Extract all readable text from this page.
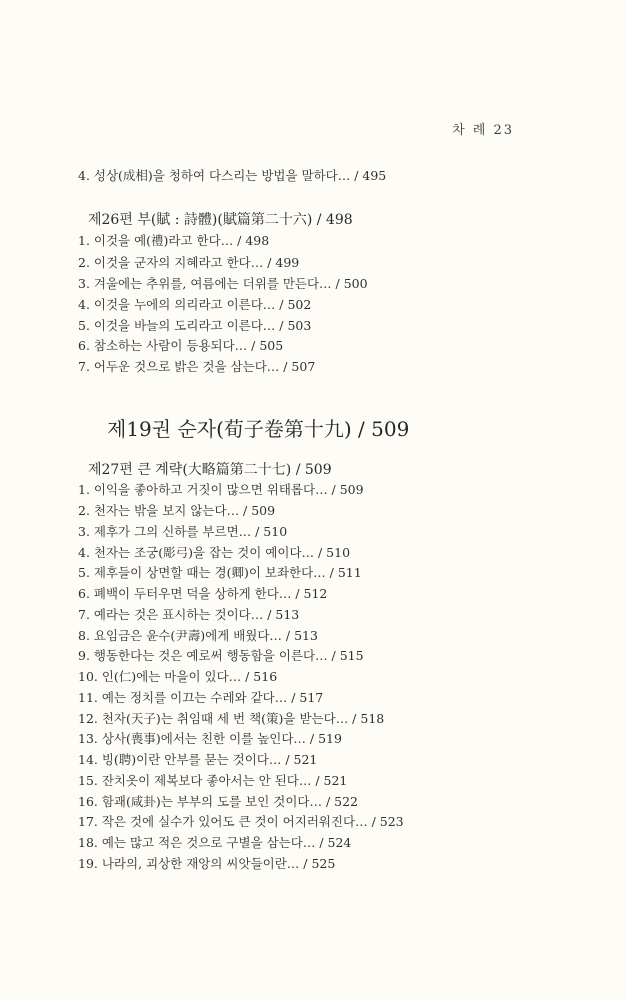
차 례 23
4. 성상(成相)을 청하여 다스리는 방법을 말하다… / 495
제26편 부(賦 : 詩體)(賦篇第二十六) / 498
1. 이것을 예(禮)라고 한다… / 498
2. 이것을 군자의 지혜라고 한다… / 499
3. 겨울에는 추위를, 여름에는 더위를 만든다… / 500
4. 이것을 누에의 의리라고 이른다… / 502
5. 이것을 바늘의 도리라고 이른다… / 503
6. 참소하는 사람이 등용되다… / 505
7. 어두운 것으로 밝은 것을 삼는다… / 507
제19권 순자(荀子卷第十九) / 509
제27편 큰 계략(大略篇第二十七) / 509
1. 이익을 좋아하고 거짓이 많으면 위태롭다… / 509
2. 천자는 밖을 보지 않는다… / 509
3. 제후가 그의 신하를 부르면… / 510
4. 천자는 조궁(彫弓)을 잡는 것이 예이다… / 510
5. 제후들이 상면할 때는 경(卿)이 보좌한다… / 511
6. 폐백이 두터우면 덕을 상하게 한다… / 512
7. 예라는 것은 표시하는 것이다… / 513
8. 요임금은 윤수(尹壽)에게 배웠다… / 513
9. 행동한다는 것은 예로써 행동함을 이른다… / 515
10. 인(仁)에는 마을이 있다… / 516
11. 예는 정치를 이끄는 수레와 같다… / 517
12. 천자(天子)는 취임때 세 번 책(策)을 받는다… / 518
13. 상사(喪事)에서는 친한 이를 높인다… / 519
14. 빙(聘)이란 안부를 묻는 것이다… / 521
15. 잔치옷이 제복보다 좋아서는 안 된다… / 521
16. 함괘(咸卦)는 부부의 도를 보인 것이다… / 522
17. 작은 것에 실수가 있어도 큰 것이 어지러워진다… / 523
18. 예는 많고 적은 것으로 구별을 삼는다… / 524
19. 나라의, 괴상한 재앙의 씨앗들이란… / 525
